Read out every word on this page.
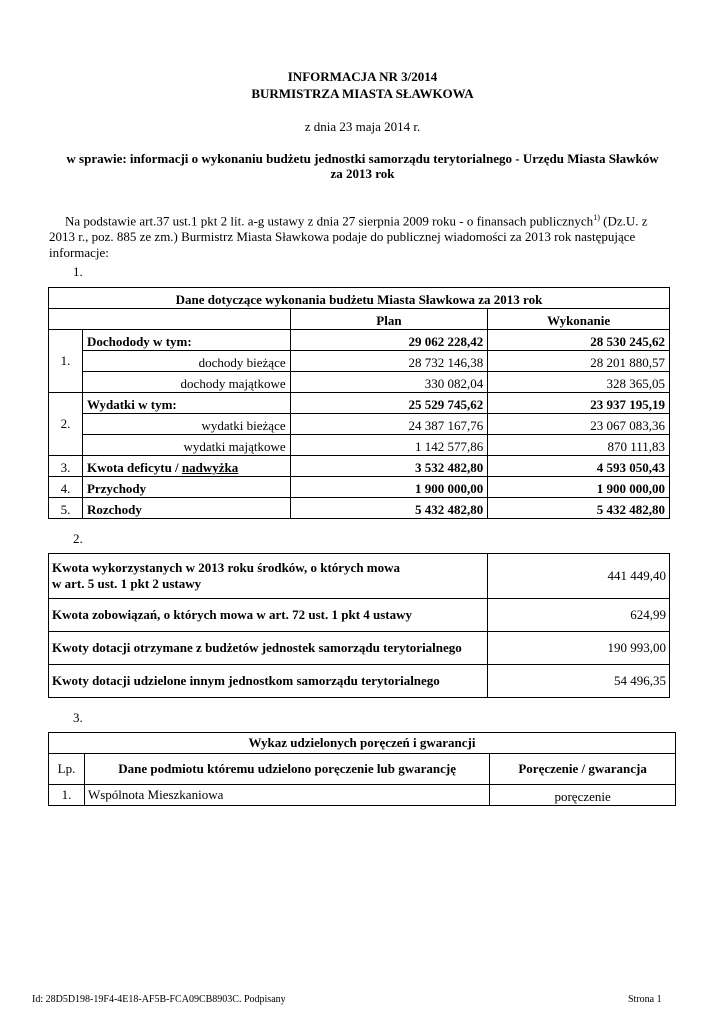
INFORMACJA NR 3/2014
BURMISTRZA MIASTA SŁAWKOWA
z dnia 23 maja 2014 r.
w sprawie: informacji o wykonaniu budżetu jednostki samorządu terytorialnego - Urzędu Miasta Sławków
za 2013 rok
Na podstawie art.37 ust.1 pkt 2 lit. a-g ustawy z dnia 27 sierpnia 2009 roku - o finansach publicznych$^{1)}$ (Dz.U. z 2013 r., poz. 885 ze zm.) Burmistrz Miasta Sławkowa podaje do publicznej wiadomości za 2013 rok następujące informacje:
1.
Dane dotyczące wykonania budżetu Miasta Sławkowa za 2013 rok			
		Plan	Wykonanie
1.	Dochodody w tym:	29 062 228,42	28 530 245,62
	dochody bieżące	28 732 146,38	28 201 880,57
	dochody majątkowe	330 082,04	328 365,05
2.	Wydatki w tym:	25 529 745,62	23 937 195,19
	wydatki bieżące	24 387 167,76	23 067 083,36
	wydatki majątkowe	1 142 577,86	870 111,83
3.	Kwota deficytu / nadwyżka	3 532 482,80	4 593 050,43
4.	Przychody	1 900 000,00	1 900 000,00
5.	Rozchody	5 432 482,80	5 432 482,80
2.
Kwota wykorzystanych w 2013 roku środków, o których mowa
w art. 5 ust. 1 pkt 2 ustawy	441 449,40
Kwota zobowiązań, o których mowa w art. 72 ust. 1 pkt 4 ustawy	624,99
Kwoty dotacji otrzymane z budżetów jednostek samorządu terytorialnego	190 993,00
Kwoty dotacji udzielone innym jednostkom samorządu terytorialnego	54 496,35
3.
Wykaz udzielonych poręczeń i gwarancji		
Lp.	Dane podmiotu któremu udzielono poręczenie lub gwarancję	Poręczenie / gwarancja
1.	Wspólnota Mieszkaniowa	poręczenie
Id: 28D5D198-19F4-4E18-AF5B-FCA09CB8903C. Podpisany	Strona 1
